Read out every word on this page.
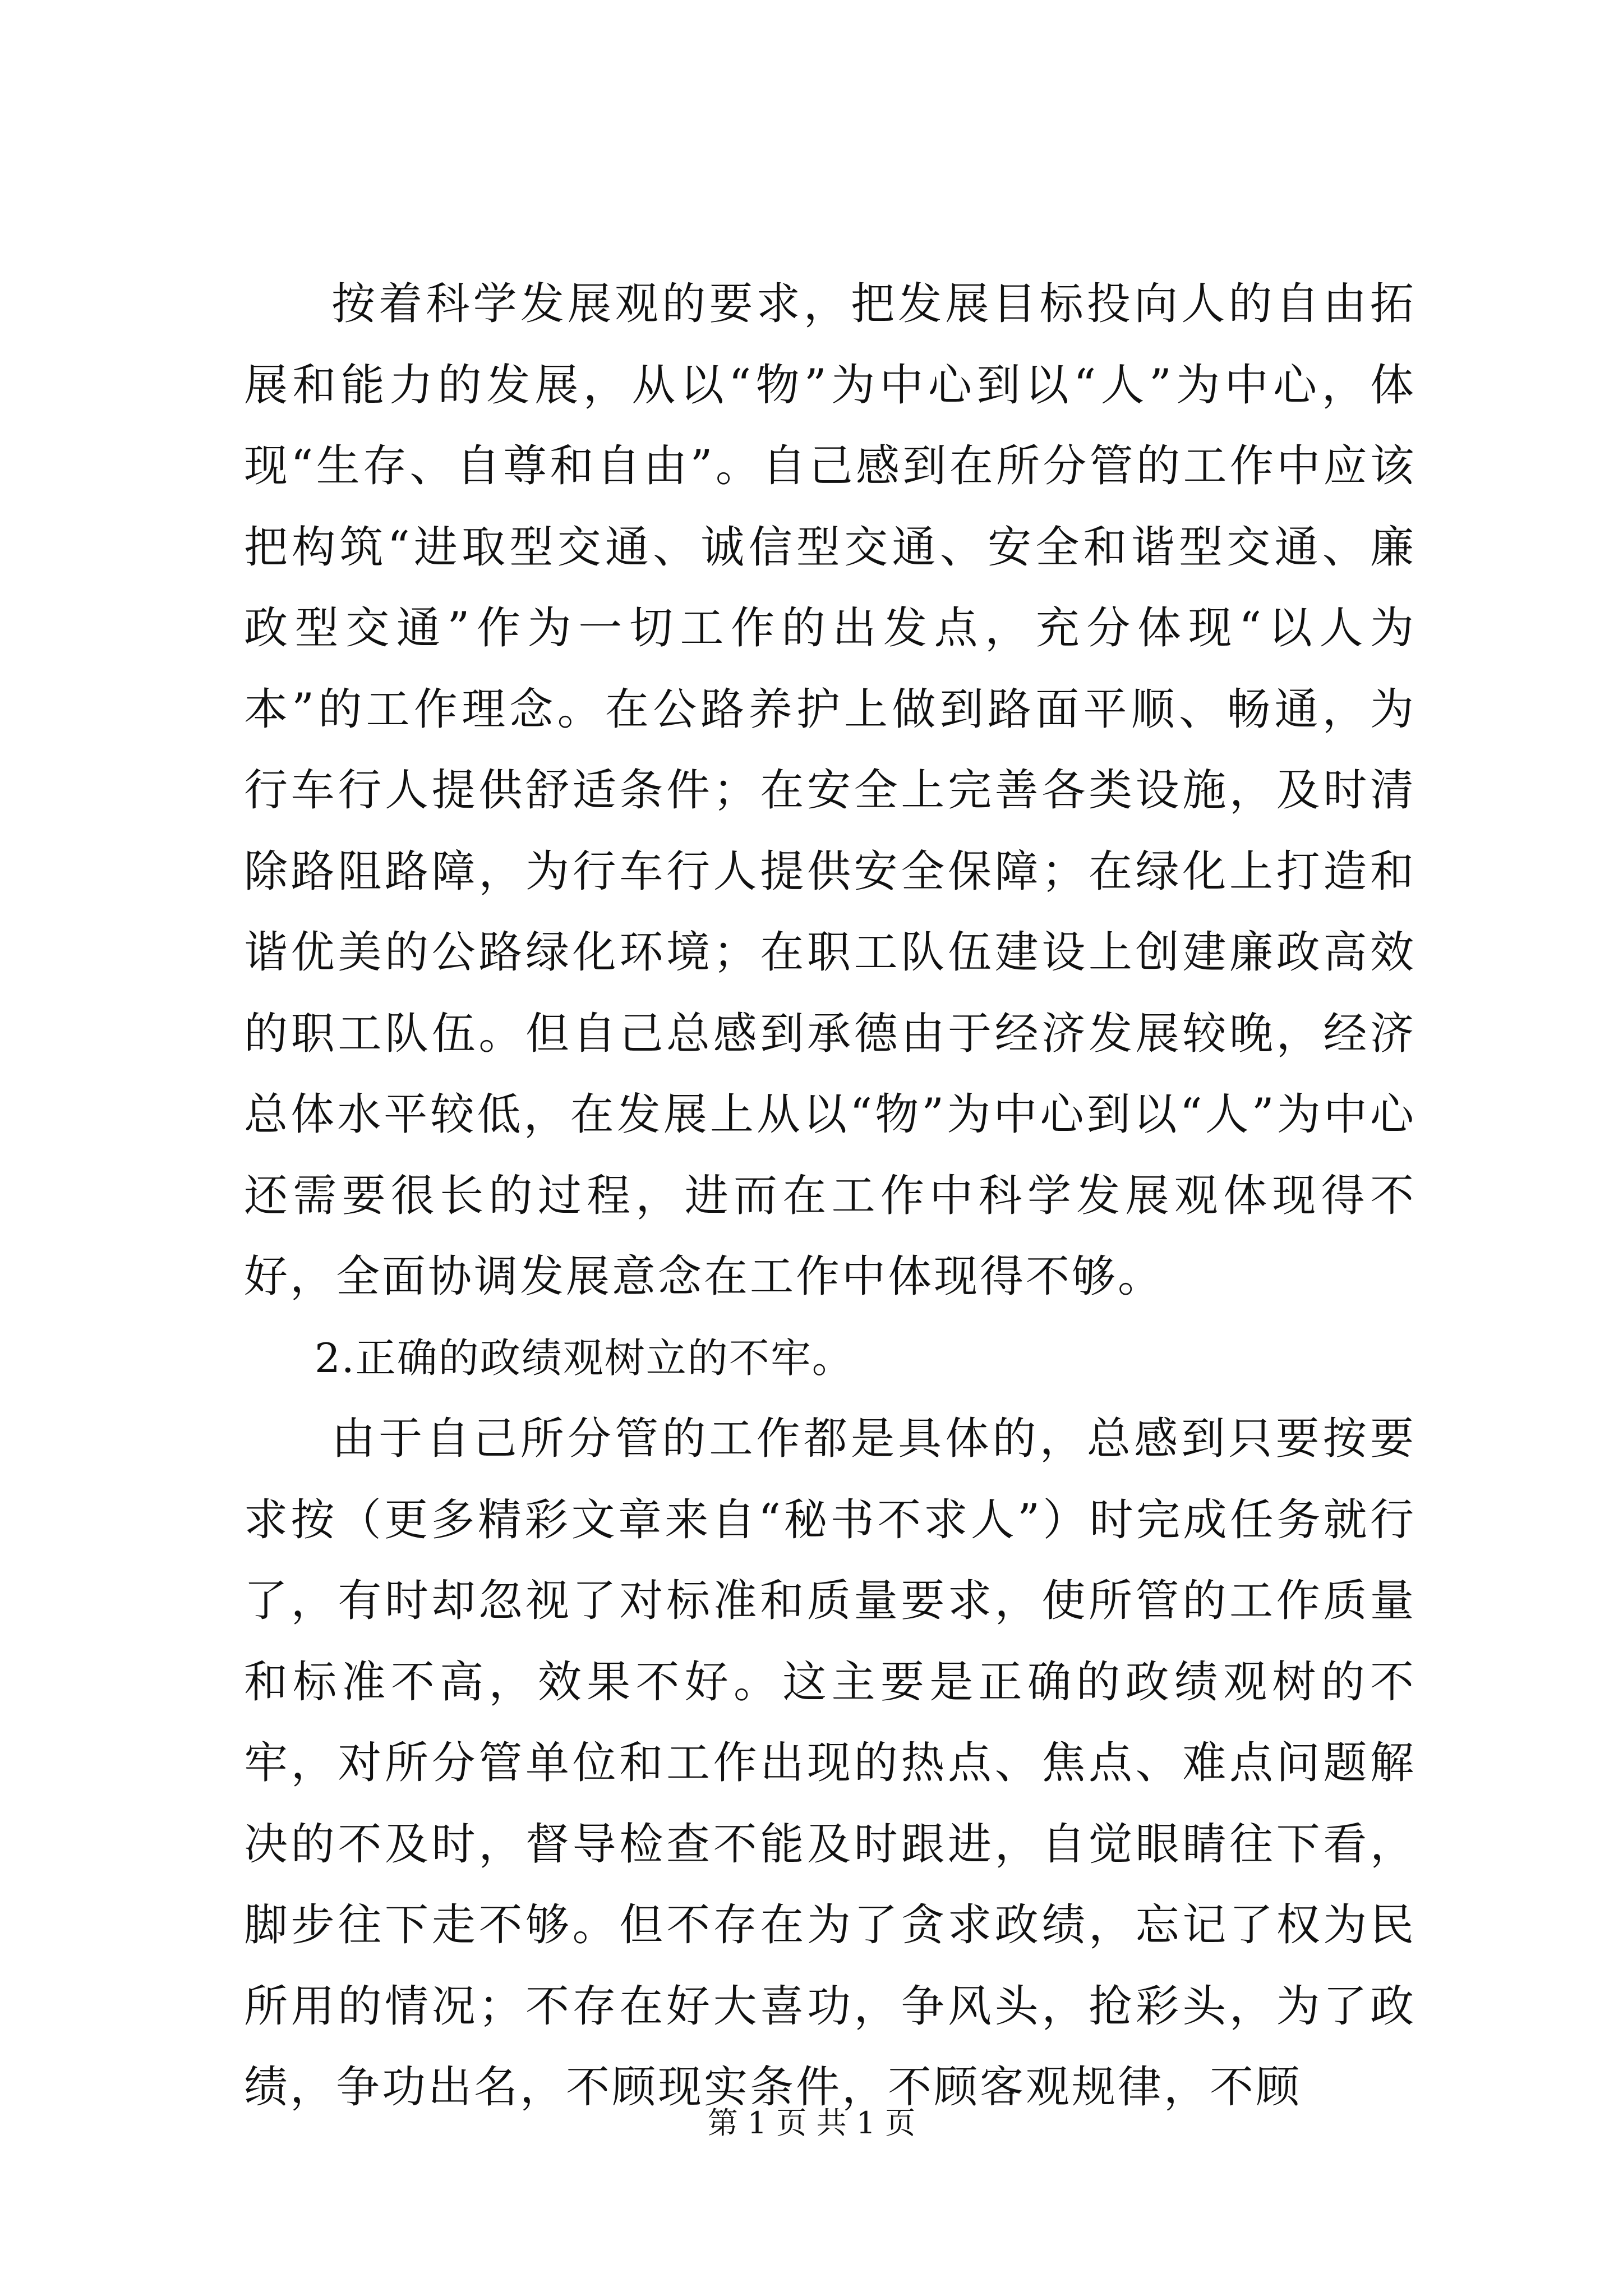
按着科学发展观的要求，把发展目标投向人的自由拓展和能力的发展，从以“物”为中心到以“人”为中心，体现“生存、自尊和自由”。自己感到在所分管的工作中应该把构筑“进取型交通、诚信型交通、安全和谐型交通、廉政型交通”作为一切工作的出发点，充分体现“以人为本”的工作理念。在公路养护上做到路面平顺、畅通，为行车行人提供舒适条件；在安全上完善各类设施，及时清除路阻路障，为行车行人提供安全保障；在绿化上打造和谐优美的公路绿化环境；在职工队伍建设上创建廉政高效的职工队伍。但自己总感到承德由于经济发展较晚，经济总体水平较低，在发展上从以“物”为中心到以“人”为中心还需要很长的过程，进而在工作中科学发展观体现得不好，全面协调发展意念在工作中体现得不够。

2.正确的政绩观树立的不牢。

由于自己所分管的工作都是具体的，总感到只要按要求按（更多精彩文章来自“秘书不求人”）时完成任务就行了，有时却忽视了对标准和质量要求，使所管的工作质量和标准不高，效果不好。这主要是正确的政绩观树的不牢，对所分管单位和工作出现的热点、焦点、难点问题解决的不及时，督导检查不能及时跟进，自觉眼睛往下看，脚步往下走不够。但不存在为了贪求政绩，忘记了权为民所用的情况；不存在好大喜功，争风头，抢彩头，为了政绩，争功出名，不顾现实条件，不顾客观规律，不顾

第 1 页 共 1 页
